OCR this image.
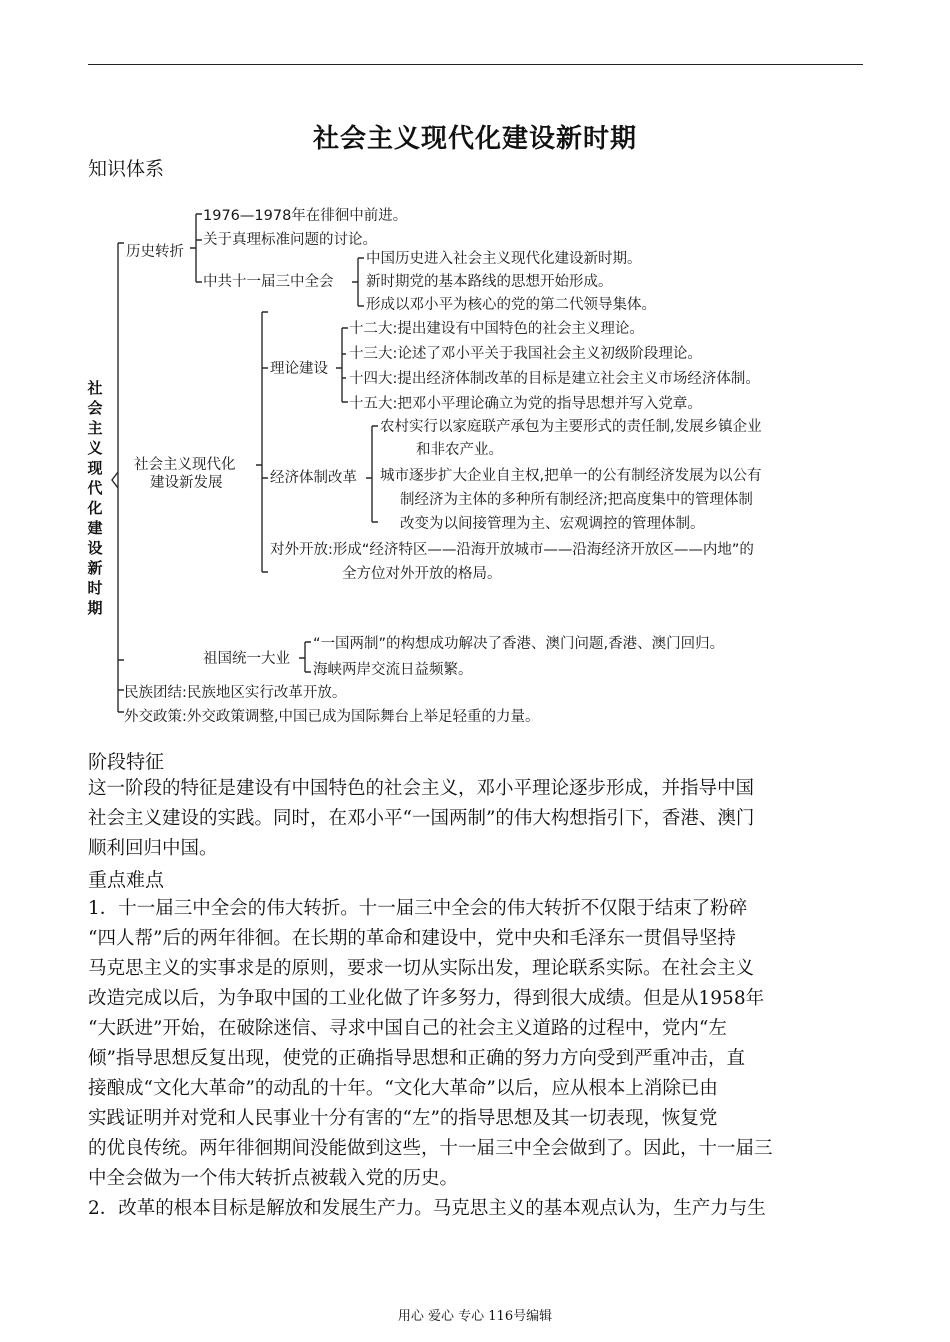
社会主义现代化建设新时期
知识体系
社会主义现代化建设新时期
历史转折
1976—1978年在徘徊中前进。
关于真理标准问题的讨论。
中共十一届三中全会
中国历史进入社会主义现代化建设新时期。
新时期党的基本路线的思想开始形成。
形成以邓小平为核心的党的第二代领导集体。
社会主义现代化
建设新发展
理论建设
十二大:提出建设有中国特色的社会主义理论。
十三大:论述了邓小平关于我国社会主义初级阶段理论。
十四大:提出经济体制改革的目标是建立社会主义市场经济体制。
十五大:把邓小平理论确立为党的指导思想并写入党章。
经济体制改革
农村实行以家庭联产承包为主要形式的责任制,发展乡镇企业
和非农产业。
城市逐步扩大企业自主权,把单一的公有制经济发展为以公有
制经济为主体的多种所有制经济;把高度集中的管理体制
改变为以间接管理为主、宏观调控的管理体制。
对外开放:形成“经济特区——沿海开放城市——沿海经济开放区——内地”的
全方位对外开放的格局。
祖国统一大业
“一国两制”的构想成功解决了香港、澳门问题,香港、澳门回归。
海峡两岸交流日益频繁。
民族团结:民族地区实行改革开放。
外交政策:外交政策调整,中国已成为国际舞台上举足轻重的力量。
阶段特征
这一阶段的特征是建设有中国特色的社会主义，邓小平理论逐步形成，并指导中国
社会主义建设的实践。同时，在邓小平“一国两制”的伟大构想指引下，香港、澳门
顺利回归中国。
重点难点
1．十一届三中全会的伟大转折。十一届三中全会的伟大转折不仅限于结束了粉碎
“四人帮”后的两年徘徊。在长期的革命和建设中，党中央和毛泽东一贯倡导坚持
马克思主义的实事求是的原则，要求一切从实际出发，理论联系实际。在社会主义
改造完成以后，为争取中国的工业化做了许多努力，得到很大成绩。但是从1958年
“大跃进”开始，在破除迷信、寻求中国自己的社会主义道路的过程中，党内“左
倾”指导思想反复出现，使党的正确指导思想和正确的努力方向受到严重冲击，直
接酿成“文化大革命”的动乱的十年。“文化大革命”以后，应从根本上消除已由
实践证明并对党和人民事业十分有害的“左”的指导思想及其一切表现，恢复党
的优良传统。两年徘徊期间没能做到这些，十一届三中全会做到了。因此，十一届三
中全会做为一个伟大转折点被载入党的历史。
2．改革的根本目标是解放和发展生产力。马克思主义的基本观点认为，生产力与生
用心 爱心 专心 116号编辑
